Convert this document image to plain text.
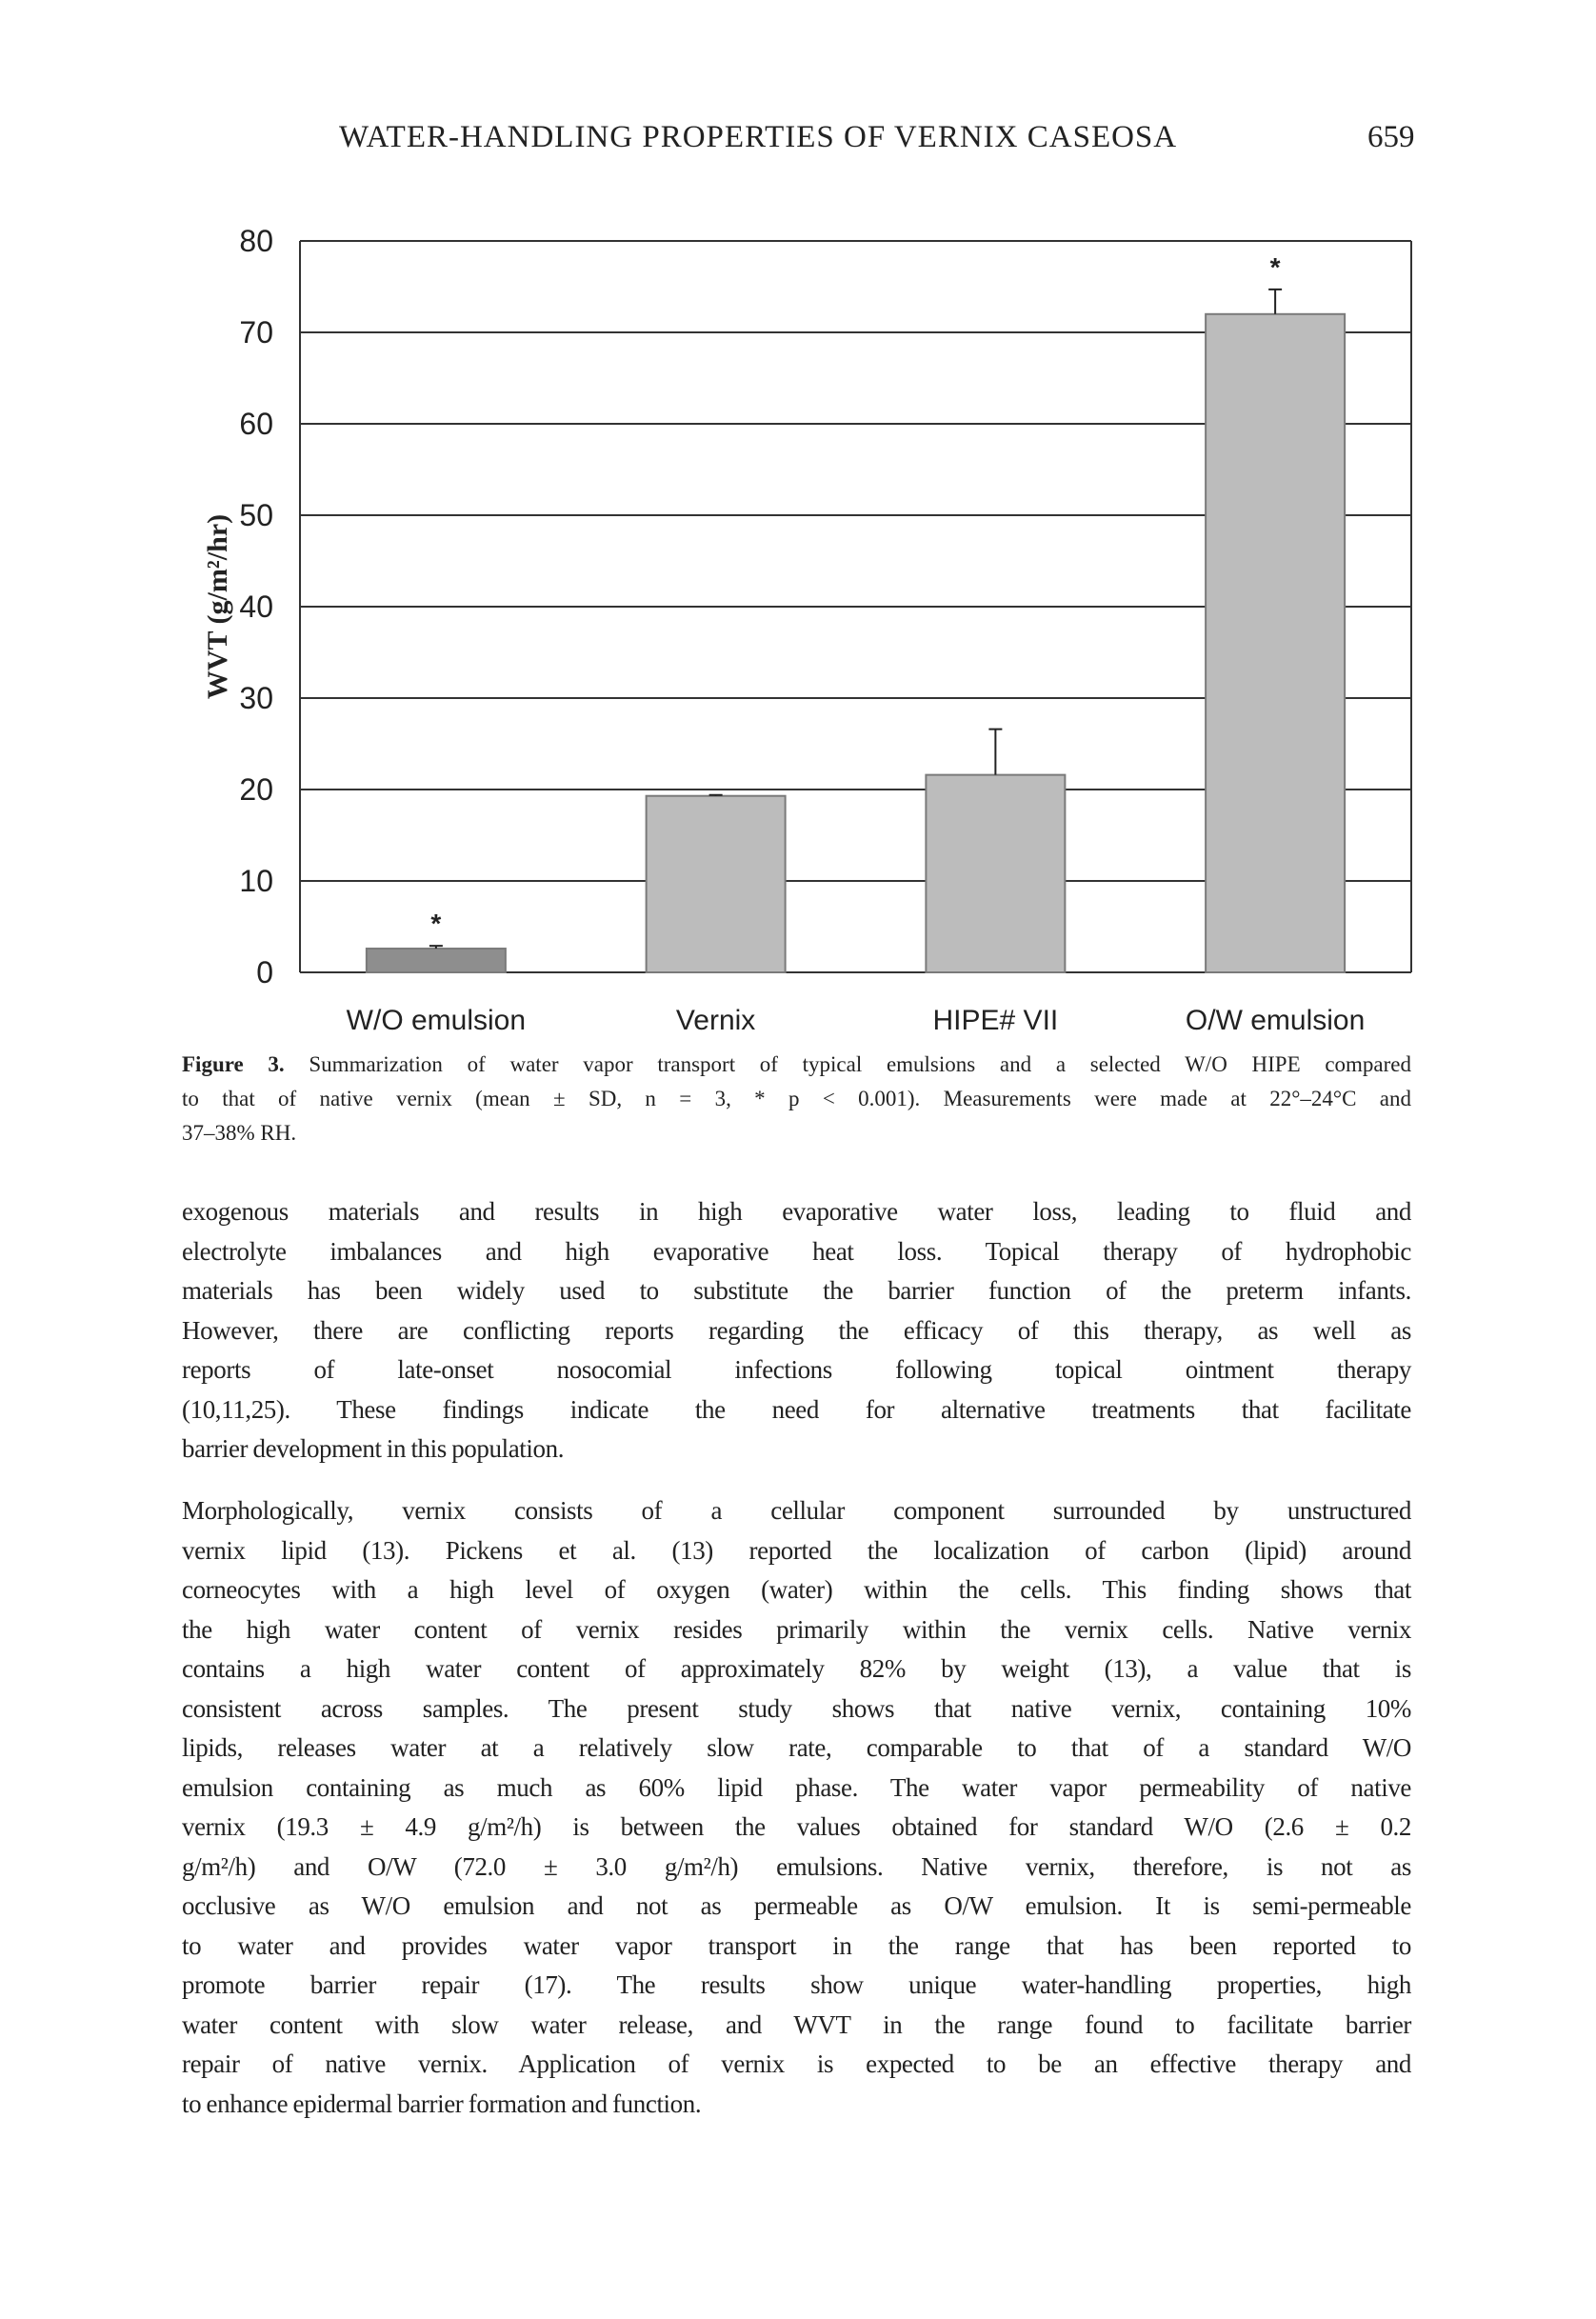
WATER-HANDLING PROPERTIES OF VERNIX CASEOSA	659
*
*
0
10
20
30
40
50
60
70
80
W/O emulsion	Vernix	HIPE# VII	O/W emulsion
WVT (g/m²/hr)
Figure 3. Summarization of water vapor transport of typical emulsions and a selected W/O HIPE compared
to that of native vernix (mean ± SD, n = 3, * p < 0.001). Measurements were made at 22°–24°C and
37–38% RH.
exogenous materials and results in high evaporative water loss, leading to fluid and
electrolyte imbalances and high evaporative heat loss. Topical therapy of hydrophobic
materials has been widely used to substitute the barrier function of the preterm infants.
However, there are conflicting reports regarding the efficacy of this therapy, as well as
reports of late-onset nosocomial infections following topical ointment therapy
(10,11,25). These findings indicate the need for alternative treatments that facilitate
barrier development in this population.
Morphologically, vernix consists of a cellular component surrounded by unstructured
vernix lipid (13). Pickens et al. (13) reported the localization of carbon (lipid) around
corneocytes with a high level of oxygen (water) within the cells. This finding shows that
the high water content of vernix resides primarily within the vernix cells. Native vernix
contains a high water content of approximately 82% by weight (13), a value that is
consistent across samples. The present study shows that native vernix, containing 10%
lipids, releases water at a relatively slow rate, comparable to that of a standard W/O
emulsion containing as much as 60% lipid phase. The water vapor permeability of native
vernix (19.3 ± 4.9 g/m²/h) is between the values obtained for standard W/O (2.6 ± 0.2
g/m²/h) and O/W (72.0 ± 3.0 g/m²/h) emulsions. Native vernix, therefore, is not as
occlusive as W/O emulsion and not as permeable as O/W emulsion. It is semi-permeable
to water and provides water vapor transport in the range that has been reported to
promote barrier repair (17). The results show unique water-handling properties, high
water content with slow water release, and WVT in the range found to facilitate barrier
repair of native vernix. Application of vernix is expected to be an effective therapy and
to enhance epidermal barrier formation and function.
